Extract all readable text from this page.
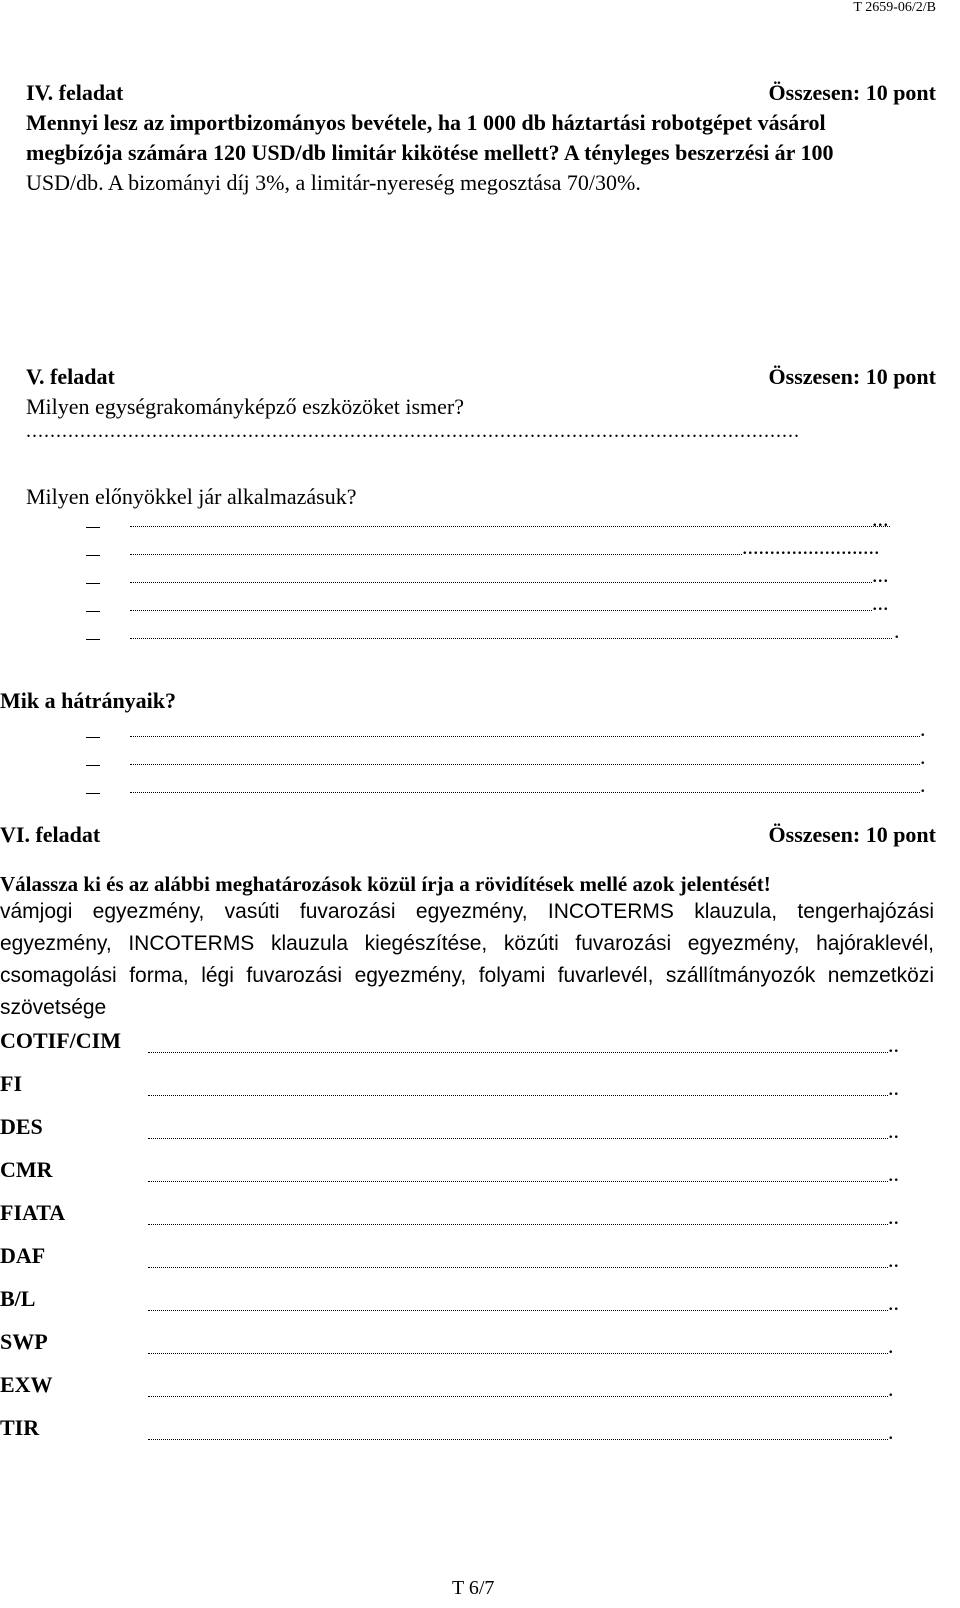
T 2659-06/2/B
IV. feladat	Összesen: 10 pont
Mennyi lesz az importbizományos bevétele, ha 1 000 db háztartási robotgépet vásárol
megbízója számára 120 USD/db limitár kikötése mellett? A tényleges beszerzési ár 100
USD/db. A bizományi díj 3%, a limitár-nyereség megosztása 70/30%.
V. feladat	Összesen: 10 pont
Milyen egységrakományképző eszközöket ismer?
.................................................................................................................................
Milyen előnyökkel jár alkalmazásuk?
...
.........................
...
...
.
Mik a hátrányaik?
.
.
.
VI. feladat	Összesen: 10 pont
Válassza ki és az alábbi meghatározások közül írja a rövidítések mellé azok jelentését!
vámjogi egyezmény, vasúti fuvarozási egyezmény, INCOTERMS klauzula, tengerhajózási egyezmény, INCOTERMS klauzula kiegészítése, közúti fuvarozási egyezmény, hajóraklevél, csomagolási forma, légi fuvarozási egyezmény, folyami fuvarlevél, szállítmányozók nemzetközi szövetsége
COTIF/CIM	..
FI	..
DES	..
CMR	..
FIATA	..
DAF	..
B/L	..
SWP	.
EXW	.
TIR	.
T 6/7
